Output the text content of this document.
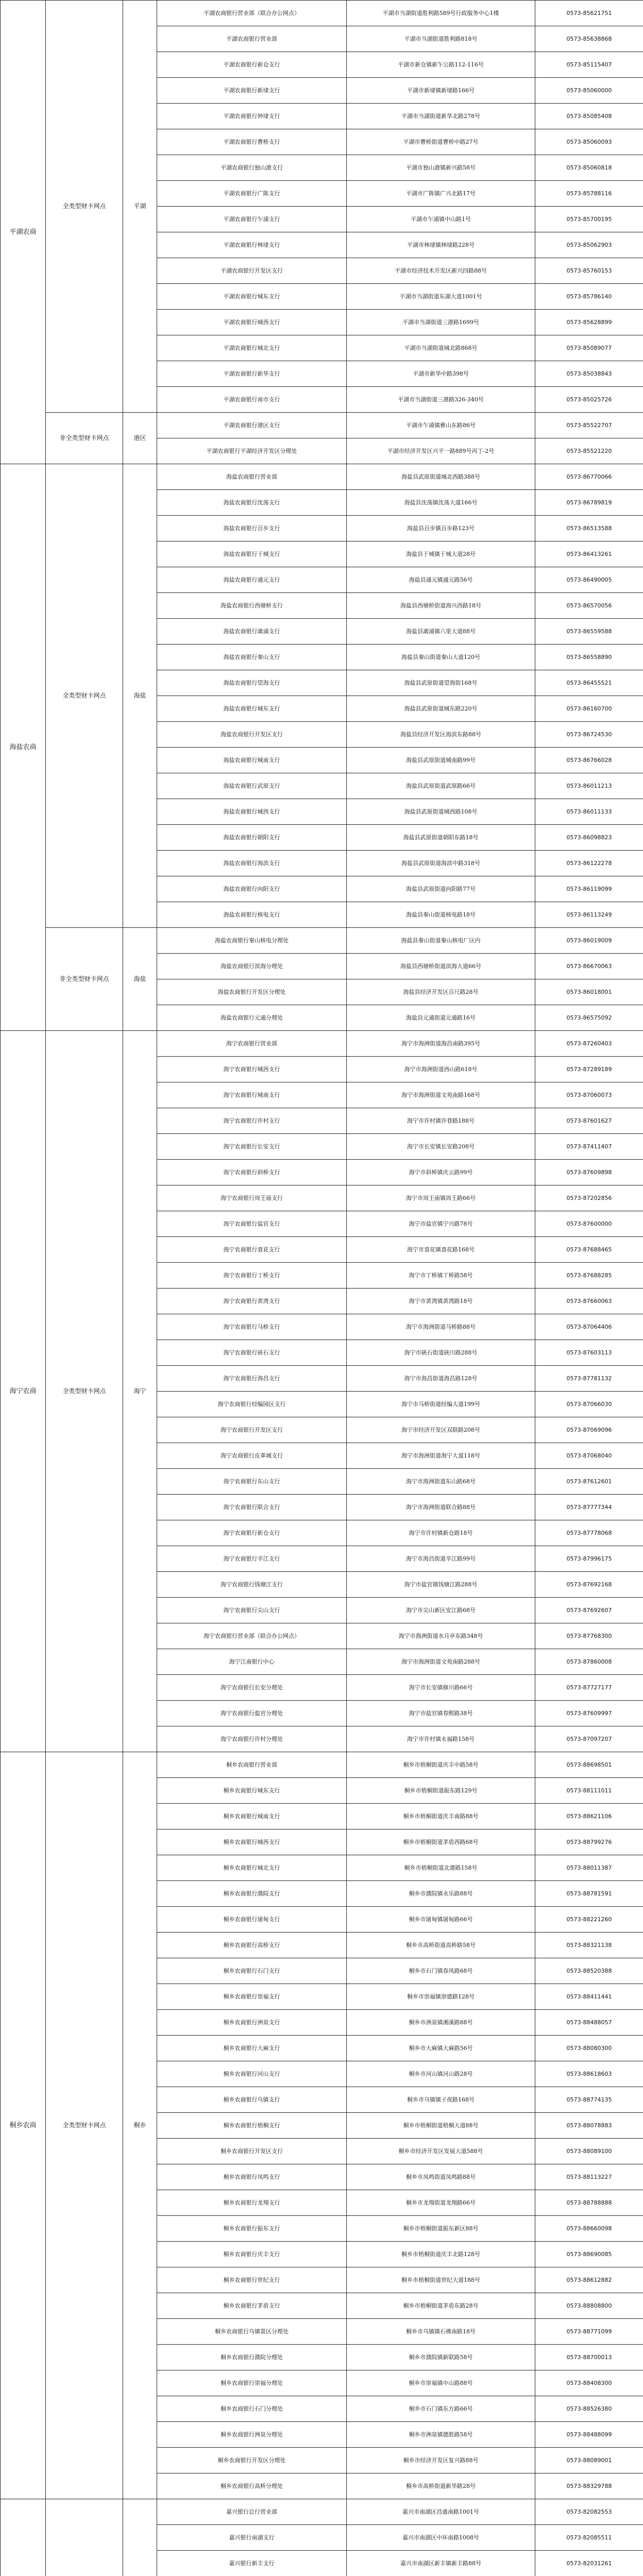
平湖农商	全类型财卡网点	平湖	平湖农商银行营业部（联合办公网点）	平湖市当湖街道胜利路589号行政服务中心1楼	0573-85621751
			平湖农商银行营业部	平湖市当湖街道胜利路818号	0573-85638868
			平湖农商银行新仓支行	平湖市新仓镇新乍公路112-116号	0573-85115407
			平湖农商银行新埭支行	平湖市新埭镇新埭路166号	0573-85060000
			平湖农商银行钟埭支行	平湖市当湖街道新华北路278号	0573-85085408
			平湖农商银行曹桥支行	平湖市曹桥街道曹桥中路27号	0573-85060093
			平湖农商银行独山港支行	平湖市独山港镇新兴路58号	0573-85060818
			平湖农商银行广陈支行	平湖市广陈镇广兴北路17号	0573-85788116
			平湖农商银行乍浦支行	平湖市乍浦镇中山路1号	0573-85700195
			平湖农商银行林埭支行	平湖市林埭镇林埭路228号	0573-85062903
			平湖农商银行开发区支行	平湖市经济技术开发区新兴四路88号	0573-85760153
			平湖农商银行城东支行	平湖市当湖街道东湖大道1001号	0573-85786140
			平湖农商银行城西支行	平湖市当湖街道三港路1699号	0573-85628899
			平湖农商银行城北支行	平湖市当湖街道城北路868号	0573-85089077
			平湖农商银行新华支行	平湖市新华中路398号	0573-85038843
			平湖农商银行南市支行	平湖市当湖街道三港路326-340号	0573-85025726
	非全类型财卡网点	港区	平湖农商银行港区支行	平湖市乍浦镇雅山东路86号	0573-85522707
			平湖农商银行平湖经济开发区分理处	平湖市经济开发区兴平一路889号丙丁-2号	0573-85521220
海盐农商	全类型财卡网点	海盐	海盐农商银行营业部	海盐县武原街道城北西路388号	0573-86770066
			海盐农商银行沈荡支行	海盐县沈荡镇沈荡大道166号	0573-86789819
			海盐农商银行百步支行	海盐县百步镇百步路123号	0573-86513588
			海盐农商银行于城支行	海盐县于城镇于城大道28号	0573-86413261
			海盐农商银行通元支行	海盐县通元镇通元路56号	0573-86490005
			海盐农商银行西塘桥支行	海盐县西塘桥街道海兴西路18号	0573-86570056
			海盐农商银行澉浦支行	海盐县澉浦镇六里大道88号	0573-86559588
			海盐农商银行秦山支行	海盐县秦山街道秦山大道120号	0573-86558890
			海盐农商银行望海支行	海盐县武原街道望海街168号	0573-86455521
			海盐农商银行城东支行	海盐县武原街道城东路220号	0573-86160700
			海盐农商银行开发区支行	海盐县经济开发区海滨东路88号	0573-86724530
			海盐农商银行城南支行	海盐县武原街道城南路99号	0573-86766028
			海盐农商银行武原支行	海盐县武原街道武原路66号	0573-86011213
			海盐农商银行城西支行	海盐县武原街道城西路108号	0573-86011133
			海盐农商银行朝阳支行	海盐县武原街道朝阳东路18号	0573-86098823
			海盐农商银行海滨支行	海盐县武原街道海滨中路318号	0573-86122278
			海盐农商银行向阳支行	海盐县武原街道向阳路77号	0573-86119099
			海盐农商银行核电支行	海盐县秦山街道核电路18号	0573-86113249
	非全类型财卡网点	海盐	海盐农商银行秦山核电分理处	海盐县秦山街道秦山核电厂区内	0573-86019009
			海盐农商银行滨海分理处	海盐县西塘桥街道滨海大道66号	0573-86670063
			海盐农商银行开发区分理处	海盐县经济开发区百尺路28号	0573-86018001
			海盐农商银行元通分理处	海盐县元通街道元通路16号	0573-86575092
海宁农商	全类型财卡网点	海宁	海宁农商银行营业部	海宁市海洲街道海昌南路395号	0573-87260403
			海宁农商银行城西支行	海宁市海洲街道西山路618号	0573-87289189
			海宁农商银行城南支行	海宁市海洲街道文苑南路168号	0573-87060073
			海宁农商银行许村支行	海宁市许村镇许巷路188号	0573-87601627
			海宁农商银行长安支行	海宁市长安镇长安路208号	0573-87411407
			海宁农商银行斜桥支行	海宁市斜桥镇庆云路99号	0573-87609898
			海宁农商银行周王庙支行	海宁市周王庙镇周王路66号	0573-87202856
			海宁农商银行盐官支行	海宁市盐官镇宁兴路78号	0573-87600000
			海宁农商银行袁花支行	海宁市袁花镇袁花路168号	0573-87688465
			海宁农商银行丁桥支行	海宁市丁桥镇丁桥路58号	0573-87688285
			海宁农商银行黄湾支行	海宁市黄湾镇黄湾路18号	0573-87660063
			海宁农商银行马桥支行	海宁市海洲街道马桥路88号	0573-87064406
			海宁农商银行硖石支行	海宁市硖石街道硖川路288号	0573-87603113
			海宁农商银行海昌支行	海宁市海昌街道海昌路128号	0573-87781132
			海宁农商银行经编园区支行	海宁市马桥街道经编大道199号	0573-87066030
			海宁农商银行开发区支行	海宁市经济开发区双联路208号	0573-87069096
			海宁农商银行皮革城支行	海宁市海洲街道海宁大道118号	0573-87068040
			海宁农商银行东山支行	海宁市海洲街道东山路68号	0573-87612601
			海宁农商银行联合支行	海宁市海洲街道联合路88号	0573-87777344
			海宁农商银行新仓支行	海宁市许村镇新仓路18号	0573-87778068
			海宁农商银行辛江支行	海宁市海昌街道辛江路99号	0573-87996175
			海宁农商银行钱塘江支行	海宁市盐官镇钱塘江路288号	0573-87692168
			海宁农商银行尖山支行	海宁市尖山新区安江路68号	0573-87692607
			海宁农商银行营业部（联合办公网点）	海宁市海洲街道水月亭东路348号	0573-87768300
			海宁江南银行中心	海宁市海洲街道文苑南路288号	0573-87860008
			海宁农商银行长安分理处	海宁市长安镇修川路66号	0573-87727177
			海宁农商银行盐官分理处	海宁市盐官镇春熙路38号	0573-87609997
			海宁农商银行许村分理处	海宁市许村镇永福路158号	0573-87097207
桐乡农商	全类型财卡网点	桐乡	桐乡农商银行营业部	桐乡市梧桐街道庆丰中路58号	0573-88698501
			桐乡农商银行城东支行	桐乡市梧桐街道振东路129号	0573-88111011
			桐乡农商银行城南支行	桐乡市梧桐街道庆丰南路88号	0573-88621106
			桐乡农商银行城西支行	桐乡市梧桐街道茅盾西路68号	0573-88799276
			桐乡农商银行城北支行	桐乡市梧桐街道北港路158号	0573-88011387
			桐乡农商银行濮院支行	桐乡市濮院镇永乐路88号	0573-88781591
			桐乡农商银行屠甸支行	桐乡市屠甸镇屠甸路66号	0573-88221260
			桐乡农商银行高桥支行	桐乡市高桥街道高桥路58号	0573-88321138
			桐乡农商银行石门支行	桐乡市石门镇春风路68号	0573-88520388
			桐乡农商银行崇福支行	桐乡市崇福镇崇德路128号	0573-88411441
			桐乡农商银行洲泉支行	桐乡市洲泉镇湘溪路88号	0573-88488057
			桐乡农商银行大麻支行	桐乡市大麻镇大麻路56号	0573-88080300
			桐乡农商银行河山支行	桐乡市河山镇河山路28号	0573-88618603
			桐乡农商银行乌镇支行	桐乡市乌镇镇子夜路168号	0573-88774135
			桐乡农商银行梧桐支行	桐乡市梧桐街道梧桐大道88号	0573-88078883
			桐乡农商银行开发区支行	桐乡市经济开发区发展大道588号	0573-88089100
			桐乡农商银行凤鸣支行	桐乡市凤鸣街道凤鸣路88号	0573-88113227
			桐乡农商银行龙翔支行	桐乡市龙翔街道龙翔路66号	0573-88788888
			桐乡农商银行振东支行	桐乡市梧桐街道振东新区88号	0573-88660098
			桐乡农商银行庆丰支行	桐乡市梧桐街道庆丰北路128号	0573-88690085
			桐乡农商银行世纪支行	桐乡市梧桐街道世纪大道188号	0573-88612882
			桐乡农商银行茅盾支行	桐乡市梧桐街道茅盾东路28号	0573-88808800
			桐乡农商银行乌镇景区分理处	桐乡市乌镇镇石佛南路18号	0573-88771099
			桐乡农商银行濮院分理处	桐乡市濮院镇新联路58号	0573-88700013
			桐乡农商银行崇福分理处	桐乡市崇福镇中山路88号	0573-88408300
			桐乡农商银行石门分理处	桐乡市石门镇东方路66号	0573-88526380
			桐乡农商银行洲泉分理处	桐乡市洲泉镇德胜路58号	0573-88488099
			桐乡农商银行开发区分理处	桐乡市经济开发区复兴路88号	0573-88089001
			桐乡农商银行高桥分理处	桐乡市高桥街道新华路28号	0573-88329788
			嘉兴银行总行营业部	嘉兴市南湖区昌盛南路1001号	0573-82082553
			嘉兴银行南湖支行	嘉兴市南湖区中环南路1008号	0573-82085511
			嘉兴银行新丰支行	嘉兴市南湖区新丰镇新丰路88号	0573-82031261
